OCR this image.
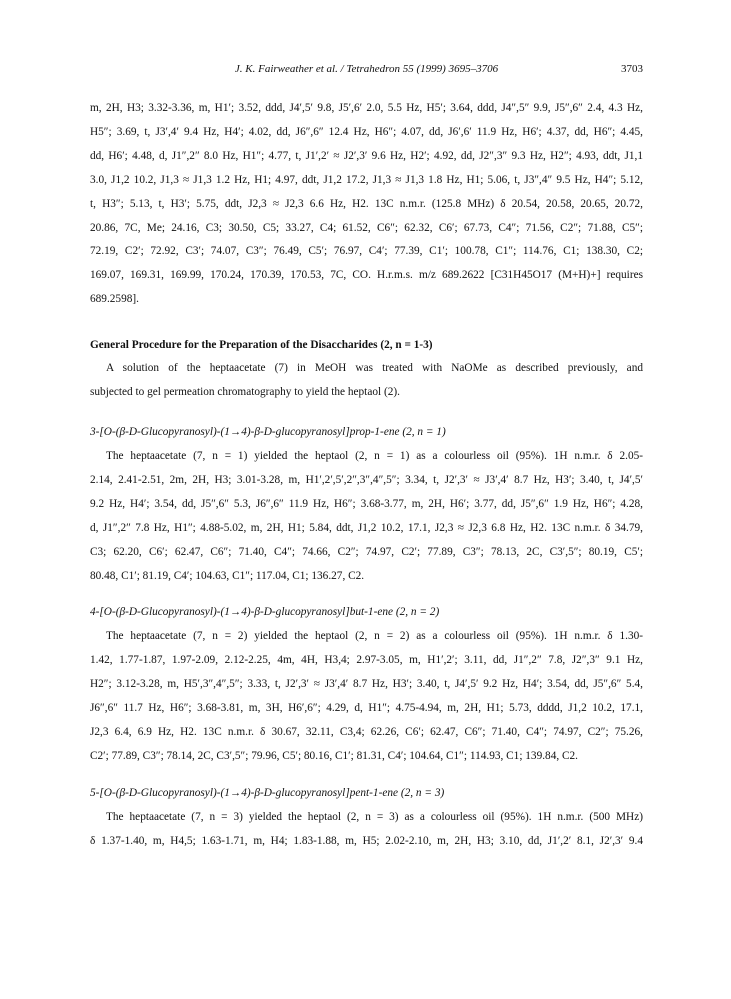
J. K. Fairweather et al. / Tetrahedron 55 (1999) 3695–3706	3703
m, 2H, H3; 3.32-3.36, m, H1′; 3.52, ddd, J4′,5′ 9.8, J5′,6′ 2.0, 5.5 Hz, H5′; 3.64, ddd, J4″,5″ 9.9, J5″,6″ 2.4, 4.3 Hz,
H5″; 3.69, t, J3′,4′ 9.4 Hz, H4′; 4.02, dd, J6″,6″ 12.4 Hz, H6″; 4.07, dd, J6′,6′ 11.9 Hz, H6′; 4.37, dd, H6″; 4.45,
dd, H6′; 4.48, d, J1″,2″ 8.0 Hz, H1″; 4.77, t, J1′,2′ ≈ J2′,3′ 9.6 Hz, H2′; 4.92, dd, J2″,3″ 9.3 Hz, H2″; 4.93, ddt, J1,1
3.0, J1,2 10.2, J1,3 ≈ J1,3 1.2 Hz, H1; 4.97, ddt, J1,2 17.2, J1,3 ≈ J1,3 1.8 Hz, H1; 5.06, t, J3″,4″ 9.5 Hz, H4″; 5.12,
t, H3″; 5.13, t, H3′; 5.75, ddt, J2,3 ≈ J2,3 6.6 Hz, H2. 13C n.m.r. (125.8 MHz) δ 20.54, 20.58, 20.65, 20.72,
20.86, 7C, Me; 24.16, C3; 30.50, C5; 33.27, C4; 61.52, C6″; 62.32, C6′; 67.73, C4″; 71.56, C2″; 71.88, C5″;
72.19, C2′; 72.92, C3′; 74.07, C3″; 76.49, C5′; 76.97, C4′; 77.39, C1′; 100.78, C1″; 114.76, C1; 138.30, C2;
169.07, 169.31, 169.99, 170.24, 170.39, 170.53, 7C, CO. H.r.m.s. m/z 689.2622 [C31H45O17 (M+H)+] requires
689.2598].
General Procedure for the Preparation of the Disaccharides (2, n = 1-3)
A solution of the heptaacetate (7) in MeOH was treated with NaOMe as described previously, and
subjected to gel permeation chromatography to yield the heptaol (2).
3-[O-(β-D-Glucopyranosyl)-(1→4)-β-D-glucopyranosyl]prop-1-ene (2, n = 1)
The heptaacetate (7, n = 1) yielded the heptaol (2, n = 1) as a colourless oil (95%). 1H n.m.r. δ 2.05-
2.14, 2.41-2.51, 2m, 2H, H3; 3.01-3.28, m, H1′,2′,5′,2″,3″,4″,5″; 3.34, t, J2′,3′ ≈ J3′,4′ 8.7 Hz, H3′; 3.40, t, J4′,5′
9.2 Hz, H4′; 3.54, dd, J5″,6″ 5.3, J6″,6″ 11.9 Hz, H6″; 3.68-3.77, m, 2H, H6′; 3.77, dd, J5″,6″ 1.9 Hz, H6″; 4.28,
d, J1″,2″ 7.8 Hz, H1″; 4.88-5.02, m, 2H, H1; 5.84, ddt, J1,2 10.2, 17.1, J2,3 ≈ J2,3 6.8 Hz, H2. 13C n.m.r. δ 34.79,
C3; 62.20, C6′; 62.47, C6″; 71.40, C4″; 74.66, C2″; 74.97, C2′; 77.89, C3″; 78.13, 2C, C3′,5″; 80.19, C5′;
80.48, C1′; 81.19, C4′; 104.63, C1″; 117.04, C1; 136.27, C2.
4-[O-(β-D-Glucopyranosyl)-(1→4)-β-D-glucopyranosyl]but-1-ene (2, n = 2)
The heptaacetate (7, n = 2) yielded the heptaol (2, n = 2) as a colourless oil (95%). 1H n.m.r. δ 1.30-
1.42, 1.77-1.87, 1.97-2.09, 2.12-2.25, 4m, 4H, H3,4; 2.97-3.05, m, H1′,2′; 3.11, dd, J1″,2″ 7.8, J2″,3″ 9.1 Hz,
H2″; 3.12-3.28, m, H5′,3″,4″,5″; 3.33, t, J2′,3′ ≈ J3′,4′ 8.7 Hz, H3′; 3.40, t, J4′,5′ 9.2 Hz, H4′; 3.54, dd, J5″,6″ 5.4,
J6″,6″ 11.7 Hz, H6″; 3.68-3.81, m, 3H, H6′,6″; 4.29, d, H1″; 4.75-4.94, m, 2H, H1; 5.73, dddd, J1,2 10.2, 17.1,
J2,3 6.4, 6.9 Hz, H2. 13C n.m.r. δ 30.67, 32.11, C3,4; 62.26, C6′; 62.47, C6″; 71.40, C4″; 74.97, C2″; 75.26,
C2′; 77.89, C3″; 78.14, 2C, C3′,5″; 79.96, C5′; 80.16, C1′; 81.31, C4′; 104.64, C1″; 114.93, C1; 139.84, C2.
5-[O-(β-D-Glucopyranosyl)-(1→4)-β-D-glucopyranosyl]pent-1-ene (2, n = 3)
The heptaacetate (7, n = 3) yielded the heptaol (2, n = 3) as a colourless oil (95%). 1H n.m.r. (500 MHz)
δ 1.37-1.40, m, H4,5; 1.63-1.71, m, H4; 1.83-1.88, m, H5; 2.02-2.10, m, 2H, H3; 3.10, dd, J1′,2′ 8.1, J2′,3′ 9.4
